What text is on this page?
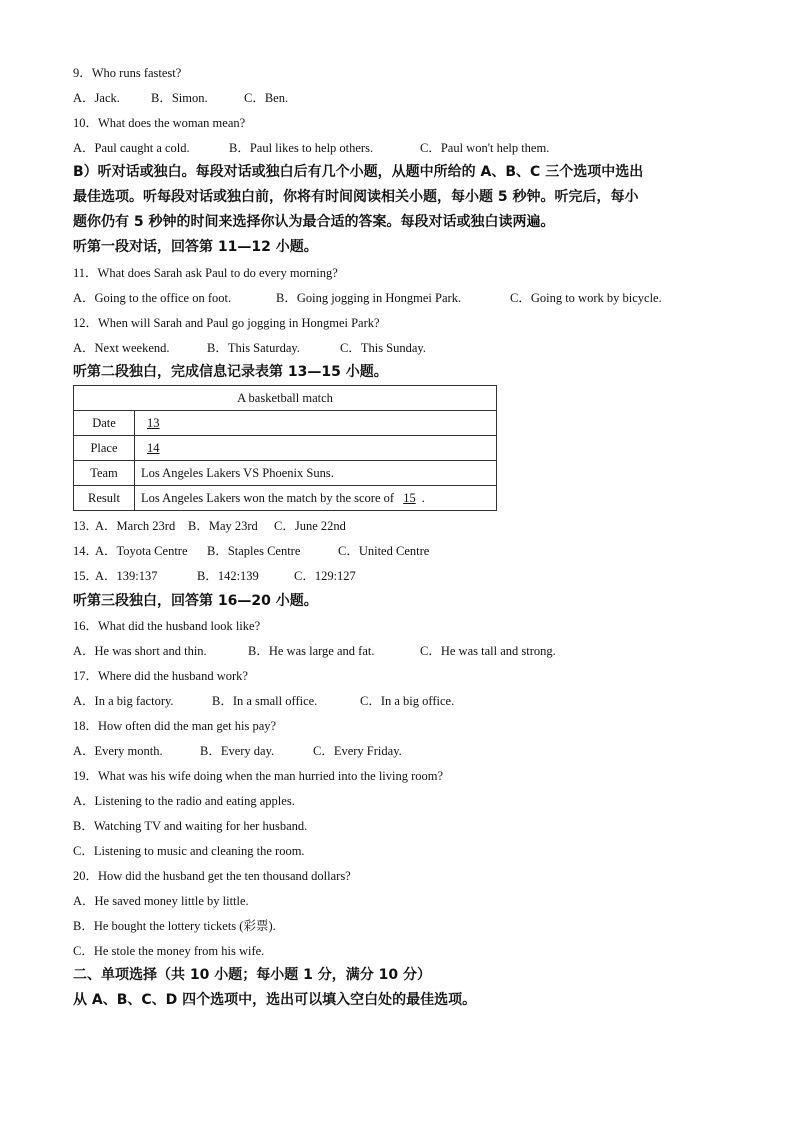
9．Who runs fastest?
A．Jack. B．Simon.	C．Ben.
10．What does the woman mean?
A．Paul caught a cold.	B．Paul likes to help others.	C．Paul won't help them.
B）听对话或独白。每段对话或独白后有几个小题，从题中所给的 A、B、C 三个选项中选出
最佳选项。听每段对话或独白前，你将有时间阅读相关小题，每小题 5 秒钟。听完后，每小
题你仍有 5 秒钟的时间来选择你认为最合适的答案。每段对话或独白读两遍。
听第一段对话，回答第 11—12 小题。
11．What does Sarah ask Paul to do every morning?
A．Going to the office on foot.	B．Going jogging in Hongmei Park.	C．Going to work by bicycle.
12．When will Sarah and Paul go jogging in Hongmei Park?
A．Next weekend.	B．This Saturday.	C．This Sunday.
听第二段独白，完成信息记录表第 13—15 小题。
A basketball match	
Date	13
Place	14
Team	Los Angeles Lakers VS Phoenix Suns.
Result	Los Angeles Lakers won the match by the score of 15 .
13．A．March 23rd B．May 23rd C．June 22nd
14．A．Toyota Centre B．Staples Centre	C．United Centre
15．A．139:137	B．142:139	C．129:127
听第三段独白，回答第 16—20 小题。
16．What did the husband look like?
A．He was short and thin.	B．He was large and fat.	C．He was tall and strong.
17．Where did the husband work?
A．In a big factory.	B．In a small office.	C．In a big office.
18．How often did the man get his pay?
A．Every month.	B．Every day.	C．Every Friday.
19．What was his wife doing when the man hurried into the living room?
A．Listening to the radio and eating apples.
B．Watching TV and waiting for her husband.
C．Listening to music and cleaning the room.
20．How did the husband get the ten thousand dollars?
A．He saved money little by little.
B．He bought the lottery tickets (彩票).
C．He stole the money from his wife.
二、单项选择（共 10 小题；每小题 1 分，满分 10 分）
从 A、B、C、D 四个选项中，选出可以填入空白处的最佳选项。
